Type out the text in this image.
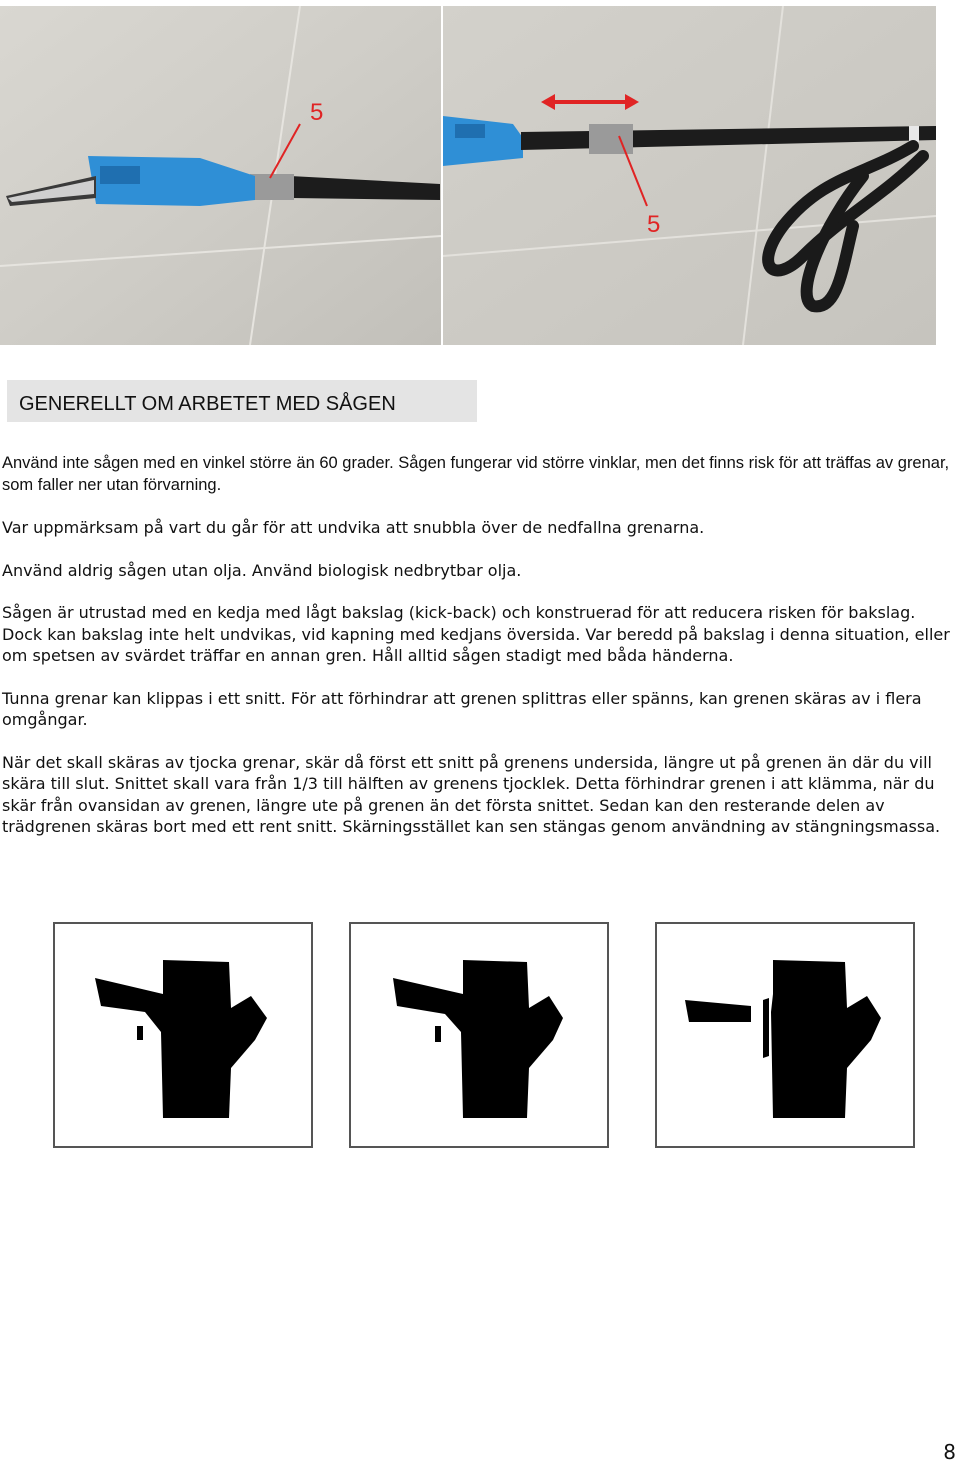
5
5
GENERELLT OM ARBETET MED SÅGEN

Använd inte sågen med en vinkel större än 60 grader. Sågen fungerar vid större vinklar, men det finns risk för att träffas av grenar, som faller ner utan förvarning.

Var uppmärksam på vart du går för att undvika att snubbla över de nedfallna grenarna.

Använd aldrig sågen utan olja. Använd biologisk nedbrytbar olja.

Sågen är utrustad med en kedja med lågt bakslag (kick-back) och konstruerad för att reducera risken för bakslag. Dock kan bakslag inte helt undvikas, vid kapning med kedjans översida. Var beredd på bakslag i denna situation, eller om spetsen av svärdet träffar en annan gren. Håll alltid sågen stadigt med båda händerna.

Tunna grenar kan klippas i ett snitt. För att förhindrar att grenen splittras eller spänns, kan grenen skäras av i flera omgångar.

När det skall skäras av tjocka grenar, skär då först ett snitt på grenens undersida, längre ut på grenen än där du vill skära till slut. Snittet skall vara från 1/3 till hälften av grenens tjocklek. Detta förhindrar grenen i att klämma, när du skär från ovansidan av grenen, längre ute på grenen än det första snittet. Sedan kan den resterande delen av trädgrenen skäras bort med ett rent snitt. Skärningsstället kan sen stängas genom användning av stängningsmassa.

8
